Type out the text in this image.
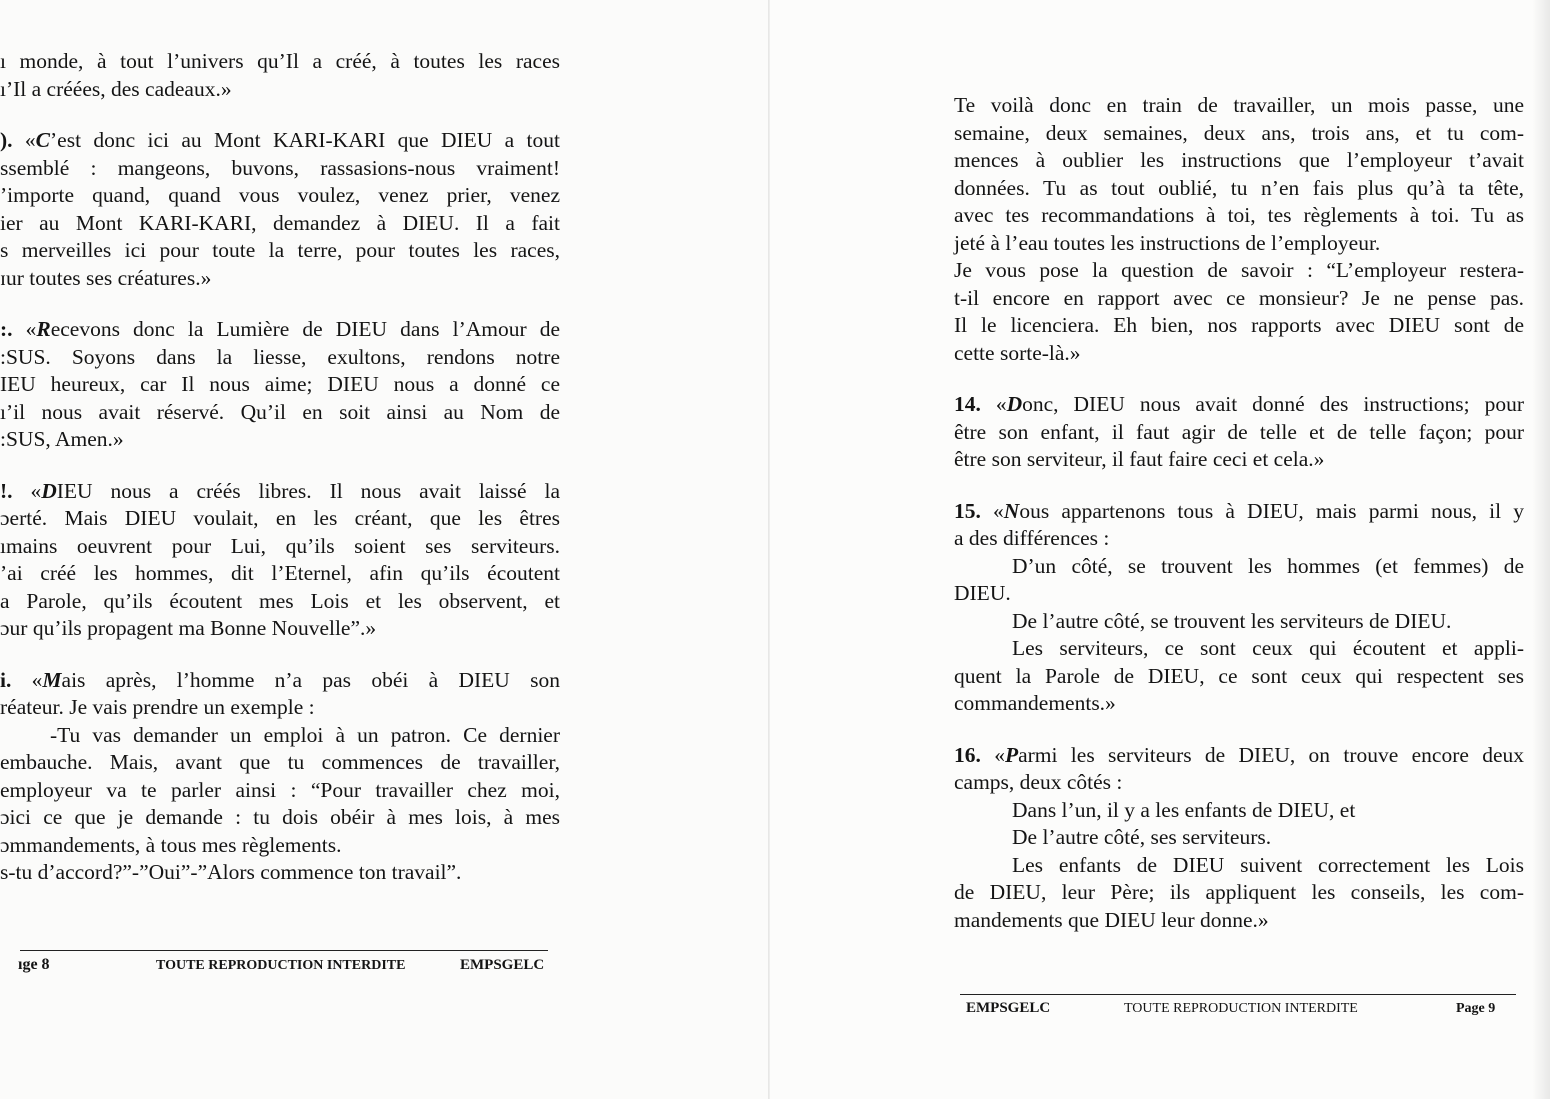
ı monde, à tout l’univers qu’Il a créé, à toutes les races
ı’Il a créées, des cadeaux.»
). «C’est donc ici au Mont KARI-KARI que DIEU a tout
ssemblé : mangeons, buvons, rassasions-nous vraiment!
’importe quand, quand vous voulez, venez prier, venez
ier au Mont KARI-KARI, demandez à DIEU. Il a fait
s merveilles ici pour toute la terre, pour toutes les races,
ɪur toutes ses créatures.»
:. «Recevons donc la Lumière de DIEU dans l’Amour de
:SUS. Soyons dans la liesse, exultons, rendons notre
IEU heureux, car Il nous aime; DIEU nous a donné ce
ı’il nous avait réservé. Qu’il en soit ainsi au Nom de
:SUS, Amen.»
!. «DIEU nous a créés libres. Il nous avait laissé la
ɔerté. Mais DIEU voulait, en les créant, que les êtres
ımains oeuvrent pour Lui, qu’ils soient ses serviteurs.
’ai créé les hommes, dit l’Eternel, afin qu’ils écoutent
a Parole, qu’ils écoutent mes Lois et les observent, et
ɔur qu’ils propagent ma Bonne Nouvelle”.»
i. «Mais après, l’homme n’a pas obéi à DIEU son
réateur. Je vais prendre un exemple :
-Tu vas demander un emploi à un patron. Ce dernier
embauche. Mais, avant que tu commences de travailler,
employeur va te parler ainsi : “Pour travailler chez moi,
ɔici ce que je demande : tu dois obéir à mes lois, à mes
ɔmmandements, à tous mes règlements.
s-tu d’accord?”-”Oui”-”Alors commence ton travail”.
ıge 8	TOUTE REPRODUCTION INTERDITE	EMPSGELC
Te voilà donc en train de travailler, un mois passe, une
semaine, deux semaines, deux ans, trois ans, et tu com-
mences à oublier les instructions que l’employeur t’avait
données. Tu as tout oublié, tu n’en fais plus qu’à ta tête,
avec tes recommandations à toi, tes règlements à toi. Tu as
jeté à l’eau toutes les instructions de l’employeur.
Je vous pose la question de savoir : “L’employeur restera-
t-il encore en rapport avec ce monsieur? Je ne pense pas.
Il le licenciera. Eh bien, nos rapports avec DIEU sont de
cette sorte-là.»
14. «Donc, DIEU nous avait donné des instructions; pour
être son enfant, il faut agir de telle et de telle façon; pour
être son serviteur, il faut faire ceci et cela.»
15. «Nous appartenons tous à DIEU, mais parmi nous, il y
a des différences :
D’un côté, se trouvent les hommes (et femmes) de
DIEU.
De l’autre côté, se trouvent les serviteurs de DIEU.
Les serviteurs, ce sont ceux qui écoutent et appli-
quent la Parole de DIEU, ce sont ceux qui respectent ses
commandements.»
16. «Parmi les serviteurs de DIEU, on trouve encore deux
camps, deux côtés :
Dans l’un, il y a les enfants de DIEU, et
De l’autre côté, ses serviteurs.
Les enfants de DIEU suivent correctement les Lois
de DIEU, leur Père; ils appliquent les conseils, les com-
mandements que DIEU leur donne.»
EMPSGELC	TOUTE REPRODUCTION INTERDITE	Page 9
